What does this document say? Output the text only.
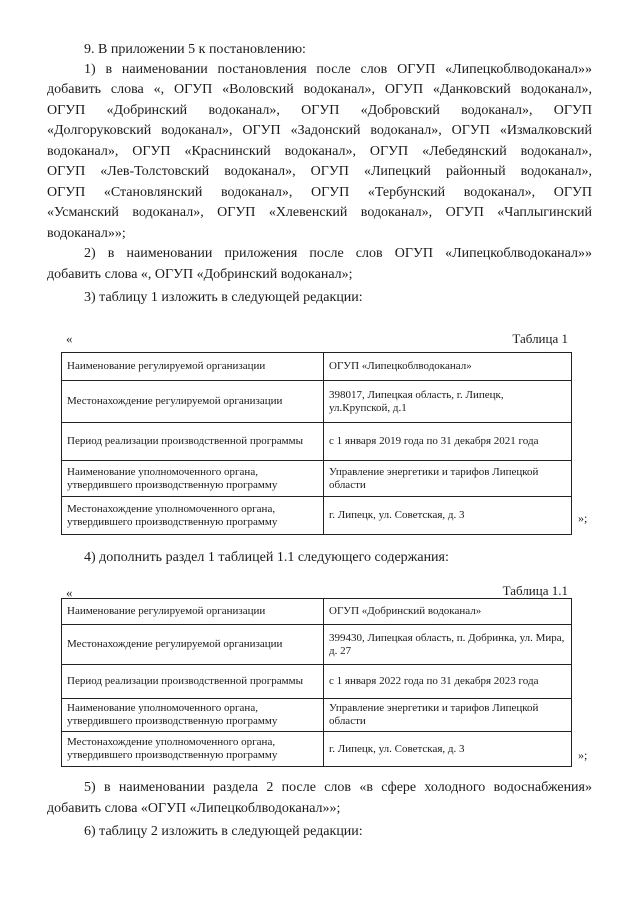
9. В приложении 5 к постановлению:
1) в наименовании постановления после слов ОГУП «Липецкоблводоканал»»
добавить слова «, ОГУП «Воловский водоканал», ОГУП «Данковский водоканал»,
ОГУП «Добринский водоканал», ОГУП «Добровский водоканал», ОГУП
«Долгоруковский водоканал», ОГУП «Задонский водоканал», ОГУП «Измалковский
водоканал», ОГУП «Краснинский водоканал», ОГУП «Лебедянский водоканал»,
ОГУП «Лев-Толстовский водоканал», ОГУП «Липецкий районный водоканал»,
ОГУП «Становлянский водоканал», ОГУП «Тербунский водоканал», ОГУП
«Усманский водоканал», ОГУП «Хлевенский водоканал», ОГУП «Чаплыгинский
водоканал»»;
2) в наименовании приложения после слов ОГУП «Липецкоблводоканал»»
добавить слова «, ОГУП «Добринский водоканал»;
3) таблицу 1 изложить в следующей редакции:
«	Таблица 1
Наименование регулируемой организации	ОГУП «Липецкоблводоканал»
Местонахождение регулируемой организации	398017, Липецкая область, г. Липецк, ул.Крупской, д.1
Период реализации производственной программы	с 1 января 2019 года по 31 декабря 2021 года
Наименование уполномоченного органа, утвердившего производственную программу	Управление энергетики и тарифов Липецкой области
Местонахождение уполномоченного органа, утвердившего производственную программу	г. Липецк, ул. Советская, д. 3	»;
4) дополнить раздел 1 таблицей 1.1 следующего содержания:
«	Таблица 1.1
Наименование регулируемой организации	ОГУП «Добринский водоканал»
Местонахождение регулируемой организации	399430, Липецкая область, п. Добринка, ул. Мира, д. 27
Период реализации производственной программы	с 1 января 2022 года по 31 декабря 2023 года
Наименование уполномоченного органа, утвердившего производственную программу	Управление энергетики и тарифов Липецкой области
Местонахождение уполномоченного органа, утвердившего производственную программу	г. Липецк, ул. Советская, д. 3	»;
5) в наименовании раздела 2 после слов «в сфере холодного водоснабжения»
добавить слова «ОГУП «Липецкоблводоканал»»;
6) таблицу 2 изложить в следующей редакции:
